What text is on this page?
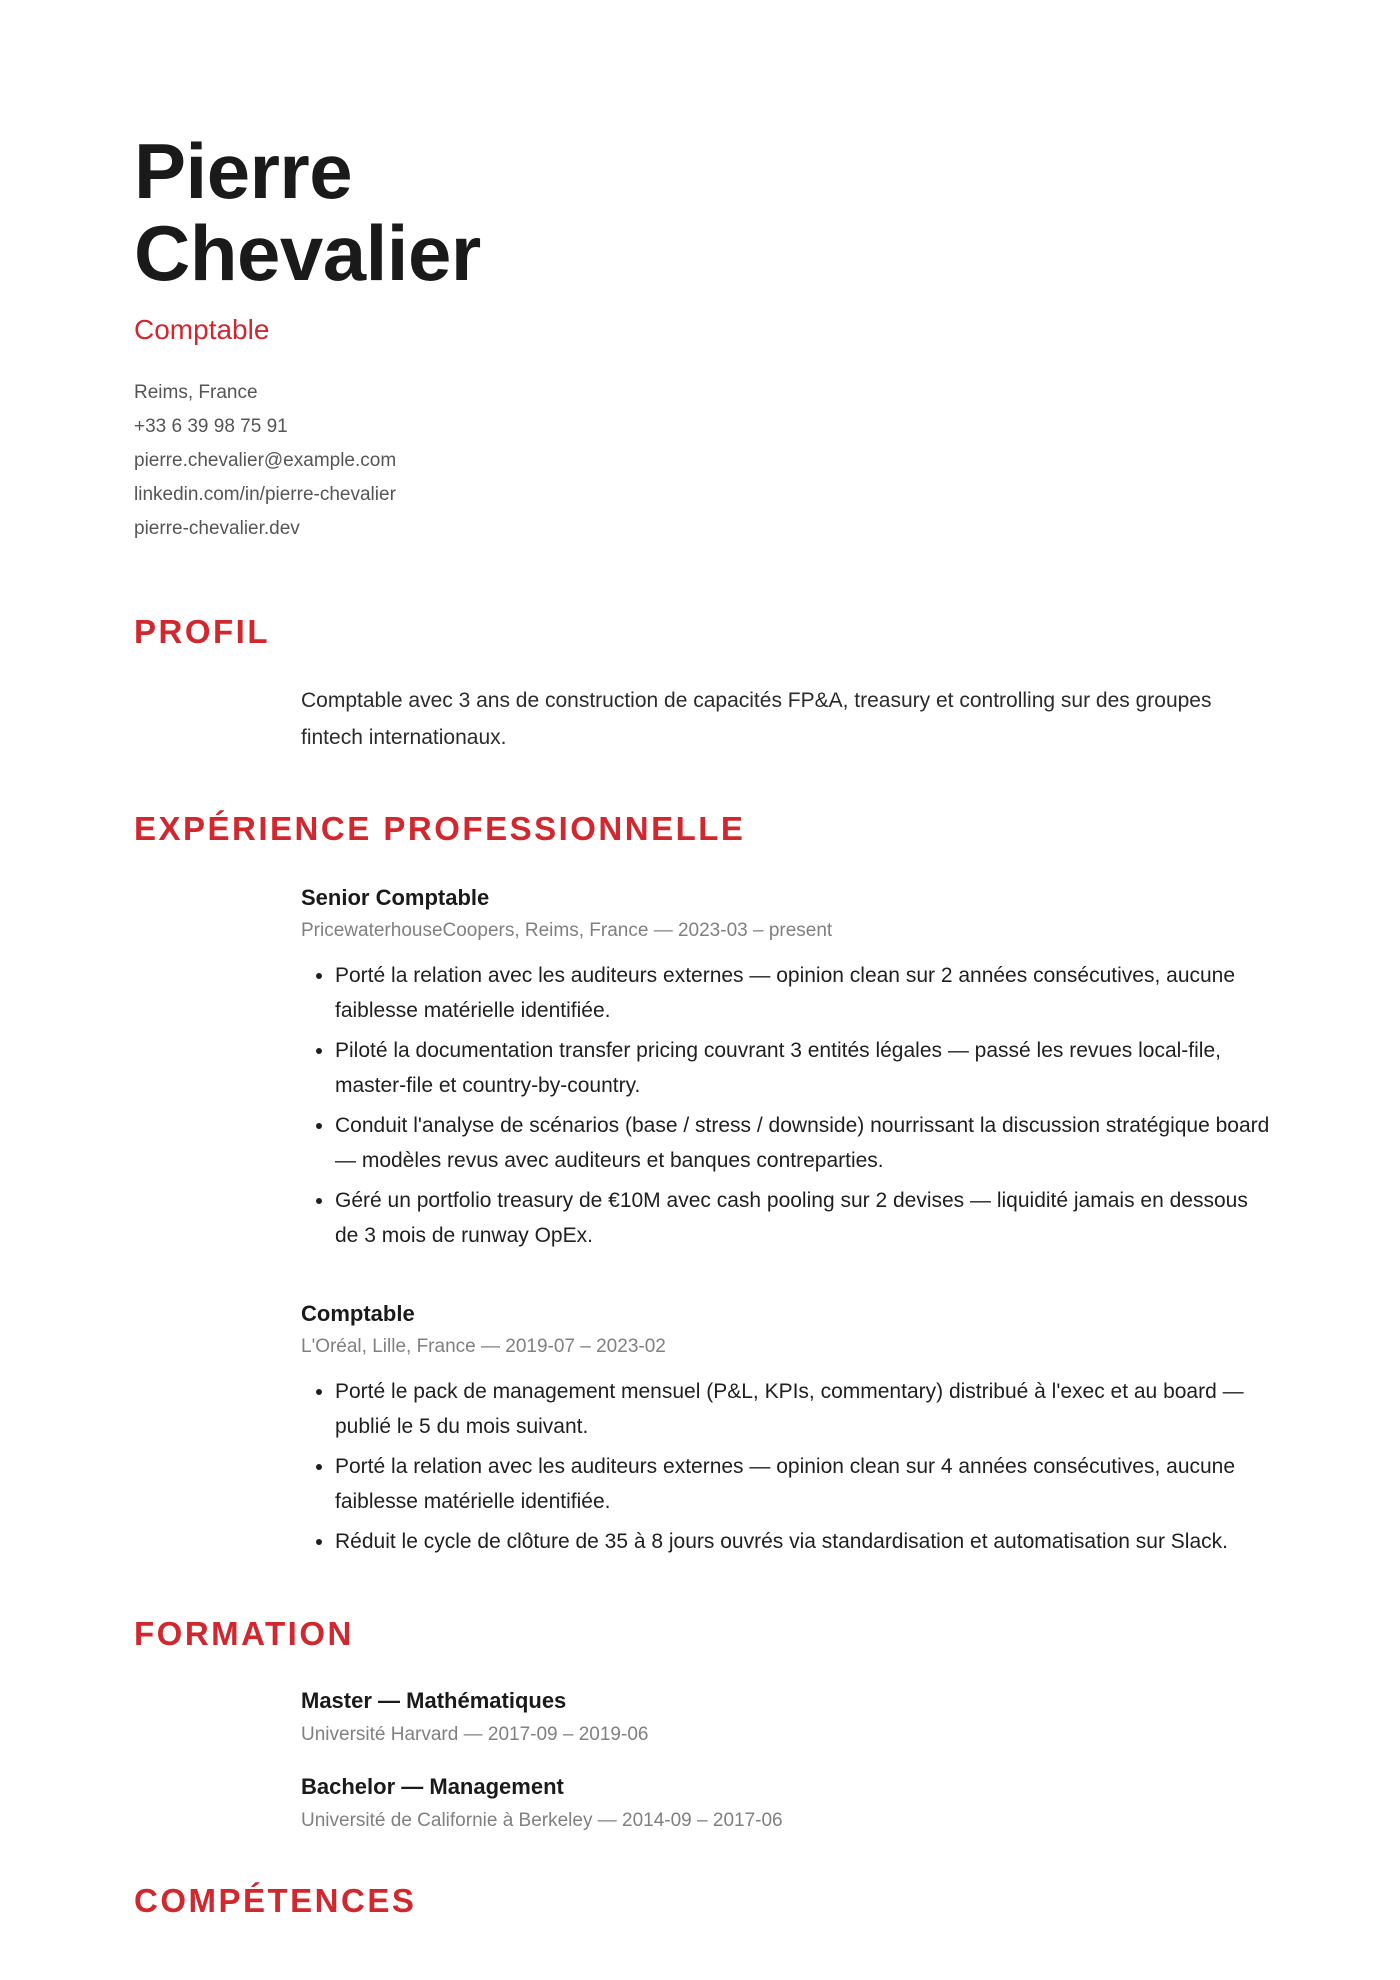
Pierre
Chevalier
Comptable
Reims, France
+33 6 39 98 75 91
pierre.chevalier@example.com
linkedin.com/in/pierre-chevalier
pierre-chevalier.dev
PROFIL

Comptable avec 3 ans de construction de capacités FP&A, treasury et controlling sur des groupes fintech internationaux.

EXPÉRIENCE PROFESSIONNELLE
Senior Comptable
PricewaterhouseCoopers, Reims, France — 2023-03 – present
• Porté la relation avec les auditeurs externes — opinion clean sur 2 années consécutives, aucune faiblesse matérielle identifiée.
• Piloté la documentation transfer pricing couvrant 3 entités légales — passé les revues local-file, master-file et country-by-country.
• Conduit l'analyse de scénarios (base / stress / downside) nourrissant la discussion stratégique board — modèles revus avec auditeurs et banques contreparties.
• Géré un portfolio treasury de €10M avec cash pooling sur 2 devises — liquidité jamais en dessous de 3 mois de runway OpEx.
Comptable
L'Oréal, Lille, France — 2019-07 – 2023-02
• Porté le pack de management mensuel (P&L, KPIs, commentary) distribué à l'exec et au board — publié le 5 du mois suivant.
• Porté la relation avec les auditeurs externes — opinion clean sur 4 années consécutives, aucune faiblesse matérielle identifiée.
• Réduit le cycle de clôture de 35 à 8 jours ouvrés via standardisation et automatisation sur Slack.
FORMATION
Master — Mathématiques
Université Harvard — 2017-09 – 2019-06
Bachelor — Management
Université de Californie à Berkeley — 2014-09 – 2017-06
COMPÉTENCES
